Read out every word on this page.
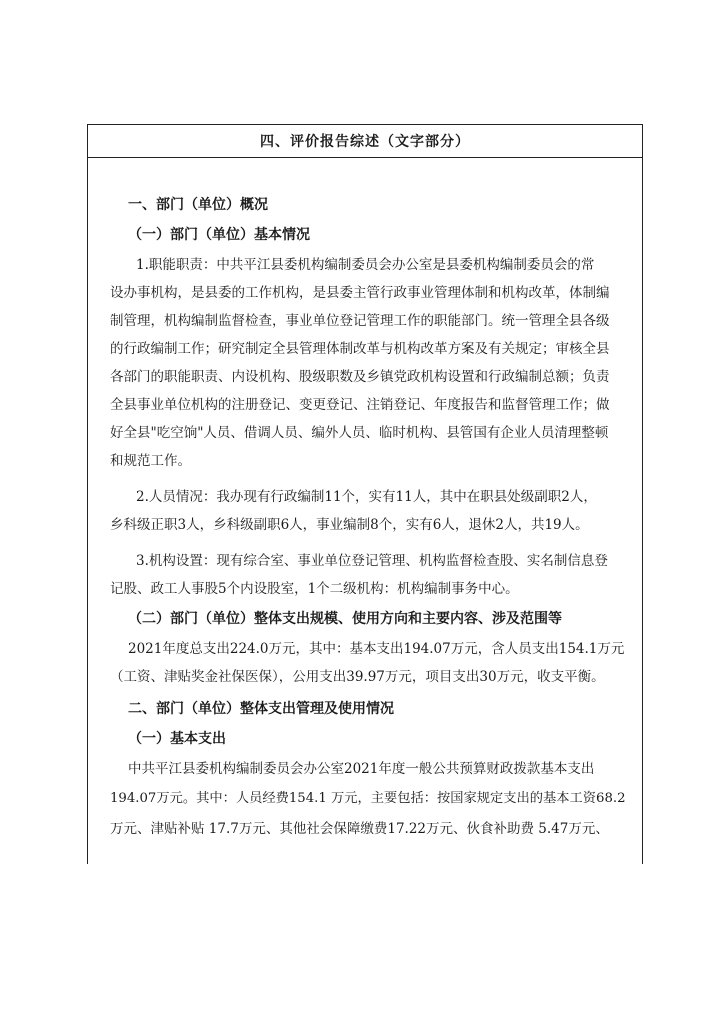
四、评价报告综述（文字部分）
一、部门（单位）概况
（一）部门（单位）基本情况
1.职能职责：中共平江县委机构编制委员会办公室是县委机构编制委员会的常
设办事机构，是县委的工作机构，是县委主管行政事业管理体制和机构改革，体制编
制管理，机构编制监督检查，事业单位登记管理工作的职能部门。统一管理全县各级
的行政编制工作；研究制定全县管理体制改革与机构改革方案及有关规定；审核全县
各部门的职能职责、内设机构、股级职数及乡镇党政机构设置和行政编制总额；负责
全县事业单位机构的注册登记、变更登记、注销登记、年度报告和监督管理工作；做
好全县"吃空饷"人员、借调人员、编外人员、临时机构、县管国有企业人员清理整顿
和规范工作。
2.人员情况：我办现有行政编制11个，实有11人，其中在职县处级副职2人，
乡科级正职3人，乡科级副职6人，事业编制8个，实有6人，退休2人，共19人。
3.机构设置：现有综合室、事业单位登记管理、机构监督检查股、实名制信息登
记股、政工人事股5个内设股室，1个二级机构：机构编制事务中心。
（二）部门（单位）整体支出规模、使用方向和主要内容、涉及范围等
2021年度总支出224.0万元，其中：基本支出194.07万元，含人员支出154.1万元
（工资、津贴奖金社保医保），公用支出39.97万元，项目支出30万元，收支平衡。
二、部门（单位）整体支出管理及使用情况
（一）基本支出
中共平江县委机构编制委员会办公室2021年度一般公共预算财政拨款基本支出
194.07万元。其中：人员经费154.1 万元，主要包括：按国家规定支出的基本工资68.2
万元、津贴补贴 17.7万元、其他社会保障缴费17.22万元、伙食补助费 5.47万元、
